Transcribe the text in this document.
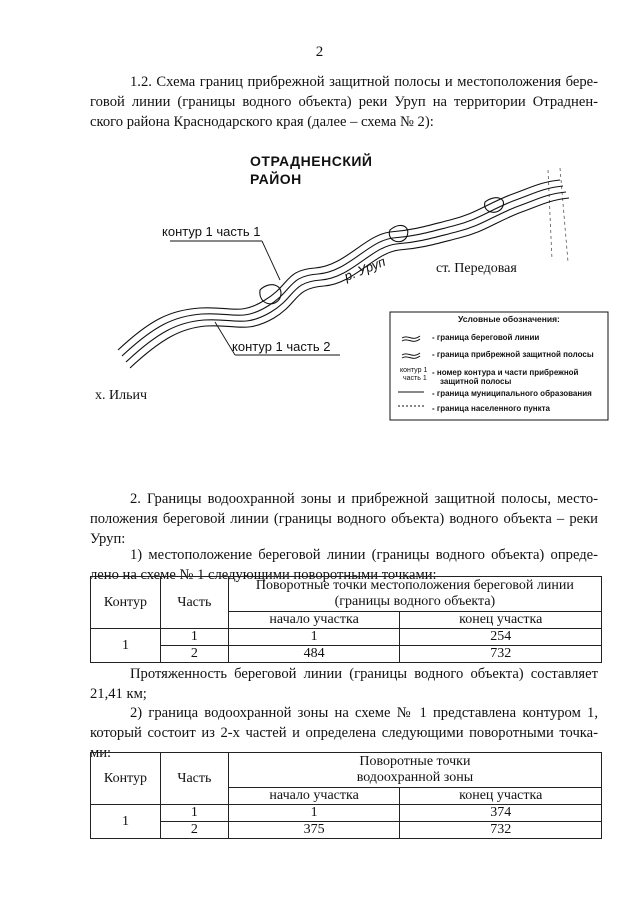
2
1.2. Схема границ прибрежной защитной полосы и местоположения бере-
говой линии (границы водного объекта) реки Уруп на территории Отраднен-
ского района Краснодарского края (далее – схема № 2):
ОТРАДНЕНСКИЙ
РАЙОН
контур 1 часть 1
контур 1 часть 2
р. Уруп	ст. Передовая
х. Ильич
Условные обозначения:
- граница береговой линии
- граница прибрежной защитной полосы
контур 1
часть 1
- номер контура и части прибрежной
защитной полосы
- граница муниципального образования
- граница населенного пункта
2. Границы водоохранной зоны и прибрежной защитной полосы, место-
положения береговой линии (границы водного объекта) водного объекта – реки
Уруп:
1) местоположение береговой линии (границы водного объекта) опреде-
лено на схеме № 1 следующими поворотными точками:
Контур	Часть	Поворотные точки местоположения береговой линии
(границы водного объекта)	

		начало участка	конец участка
1	1	1	254
	2	484	732
Протяженность береговой линии (границы водного объекта) составляет
21,41 км;
2) граница водоохранной зоны на схеме № 1 представлена контуром 1,
который состоит из 2-х частей и определена следующими поворотными точка-
ми:
Контур	Часть	Поворотные точки
водоохранной зоны	

		начало участка	конец участка
1	1	1	374
	2	375	732
